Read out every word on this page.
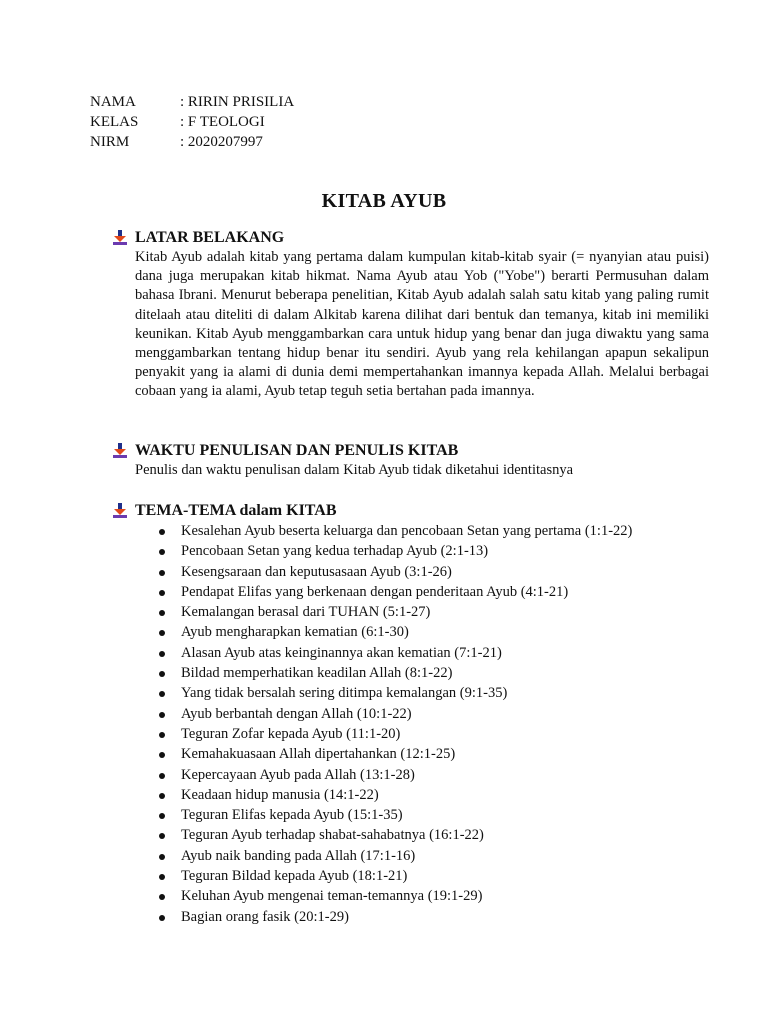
NAMA	: RIRIN PRISILIA
KELAS	: F TEOLOGI
NIRM	: 2020207997
KITAB AYUB
LATAR BELAKANG
Kitab Ayub adalah kitab yang pertama dalam kumpulan kitab-kitab syair (= nyanyian atau puisi) dana juga merupakan kitab hikmat. Nama Ayub atau Yob ("Yobe") berarti Permusuhan dalam bahasa Ibrani. Menurut beberapa penelitian, Kitab Ayub adalah salah satu kitab yang paling rumit ditelaah atau diteliti di dalam Alkitab karena dilihat dari bentuk dan temanya, kitab ini memiliki keunikan. Kitab Ayub menggambarkan cara untuk hidup yang benar dan juga diwaktu yang sama menggambarkan tentang hidup benar itu sendiri. Ayub yang rela kehilangan apapun sekalipun penyakit yang ia alami di dunia demi mempertahankan imannya kepada Allah. Melalui berbagai cobaan yang ia alami, Ayub tetap teguh setia bertahan pada imannya.
WAKTU PENULISAN DAN PENULIS KITAB
Penulis dan waktu penulisan dalam Kitab Ayub tidak diketahui identitasnya
TEMA-TEMA dalam KITAB
Kesalehan Ayub beserta keluarga dan pencobaan Setan yang pertama (1:1-22)
Pencobaan Setan yang kedua terhadap Ayub (2:1-13)
Kesengsaraan dan keputusasaan Ayub (3:1-26)
Pendapat Elifas yang berkenaan dengan penderitaan Ayub (4:1-21)
Kemalangan berasal dari TUHAN (5:1-27)
Ayub mengharapkan kematian (6:1-30)
Alasan Ayub atas keinginannya akan kematian (7:1-21)
Bildad memperhatikan keadilan Allah (8:1-22)
Yang tidak bersalah sering ditimpa kemalangan (9:1-35)
Ayub berbantah dengan Allah (10:1-22)
Teguran Zofar kepada Ayub (11:1-20)
Kemahakuasaan Allah dipertahankan (12:1-25)
Kepercayaan Ayub pada Allah (13:1-28)
Keadaan hidup manusia (14:1-22)
Teguran Elifas kepada Ayub (15:1-35)
Teguran Ayub terhadap shabat-sahabatnya (16:1-22)
Ayub naik banding pada Allah (17:1-16)
Teguran Bildad kepada Ayub (18:1-21)
Keluhan Ayub mengenai teman-temannya (19:1-29)
Bagian orang fasik (20:1-29)
